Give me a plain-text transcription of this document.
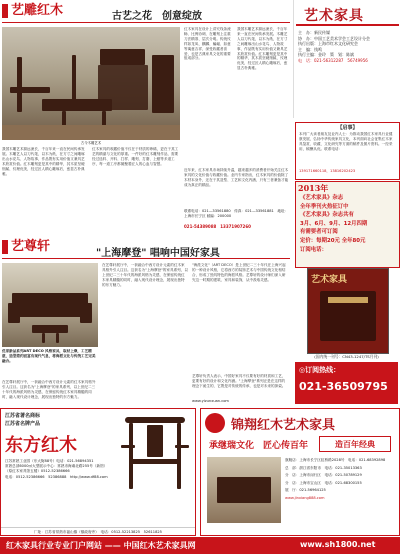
艺雕红木	古艺之花　创意绽放
古今木雕艺术
我国木雕艺术源远流长，千百年来一直在民间传承发展。木雕艺人以刀代笔，以木为纸，在方寸之间雕琢出山水花鸟、人物故事，作品既有实用价值又兼具艺术欣赏价值。红木雕刻更是其中的精华，其木质坚硬细腻、纹理优美，经过匠人精心雕琢后，愈显古朴典雅。
红木家具的收藏价值不仅在于材质的珍稀，更在于其工艺的精湛与文化的厚重。一件好的红木雕刻作品，需要经过选料、开料、打样、雕刻、打磨、上蜡等多道工序，每一道工序都凝聚着匠人的心血与智慧。
红木家具在设计上讲究线条流畅、比例协调，在雕刻上注重刀法精准、层次分明。传统纹样如龙凤、麒麟、蝙蝠、如意等寓意吉祥，深受收藏者喜爱，也是古典家具文化的重要组成部分。
我国木雕艺术源远流长，千百年来一直在民间传承发展。木雕艺人以刀代笔，以木为纸，在方寸之间雕琢出山水花鸟、人物故事，作品既有实用价值又兼具艺术欣赏价值。红木雕刻更是其中的精华，其木质坚硬细腻、纹理优美，经过匠人精心雕琢后，愈显古朴典雅。
艺术家具
主　办：新民传媒
协　办：中国工艺美术学会工艺设计分会
执行出版：上海市红木文化研究会
主　编：钱鸣
执行主编：金玲　策　划：陈斌
电　话：021-56312287　56749956
【启事】
本刊广大读者朋友及业内人士：为推动我国红木家具行业健康发展，弘扬中华传统家具文化，本刊面向社会征集红木家具鉴赏、收藏、文化研究等方面的稿件及图片资料。一经采用，稿酬从优。联系电话：
139171660118，13816202423
2013年
《艺术家具》杂志
全年季刊火热征订中
《艺术家具》杂志共有
3月、6月、9月、12月四期
有需要者可订阅
定价：每期20元 全年80元
订阅电话：
艺术家具
(国内统一刊号：CN43-1247/TS月刊)
◎订阅热线：
021-36509795
近年来，红木家具市场持续升温，越来越多的消费者开始关注红木家具的文化价值与收藏价值。业内专家指出，红木家具的价值除了木材本身外，还在于其造型、工艺和文化内涵，只有三者兼备才能成为真正的精品。
联系电话：021—33561880　传真：021—33561881　地址：上海市长宁区 邮编：200000
021-54389088　13371907260
艺尊轩	"上海摩登" 唱响中国好家具
优家新品系列ART DECO 风格家具，取材上乘，工艺精湛，造型简约而富有现代气息，将海派文化与传统工艺完美融合。
在艺尊轩展厅中，一套融合中西方设计元素的红木家具格外引人注目。这套名为"上海摩登"的家具系列，以上世纪二三十年代的海派风格为灵感，在保留传统红木家具精髓的同时，融入现代设计理念，展现出独特的东方魅力。
在艺尊轩展厅中，一套融合中西方设计元素的红木家具格外引人注目。这套名为"上海摩登"的家具系列，以上世纪二三十年代的海派风格为灵感，在保留传统红木家具精髓的同时，融入现代设计理念，展现出独特的东方魅力。
"海派文化"（ART DECO）是上世纪二三十年代在上海兴起的一种设计风格，它将西方的装饰艺术与中国传统文化相结合，形成了独具特色的海派风格。艺尊轩的设计师们深入研究这一时期的建筑、家具和装饰，从中汲取灵感。
艺尊轩负责人表示，中国好家具不仅要有好的材质和工艺，更要有好的设计和文化内涵。"上海摩登"系列正是在这样的理念下诞生的，它既是对传统的传承，也是对未来的探索。
www.yizunxuan.com
江苏省著名商标
江苏省名牌产品
东方红木
江苏常熟工业园（东大街88号）电话：021-56894351
常熟总部6000㎡大型展示中心：常熟市海虞北路255号（新馆）
（原红木家具馆五楼）0512-52386666
电话：0512-52386666　52386888　http://www.df88.com
厂址：江苏省常熟市福山镇（镇政府旁）　电话：0512-52213825　52611825
锦翔红木艺术家具
承继瑞文化　匠心传百年	造百年经典
旗舰店：上海市长宁区虹桥路2028号　电话：021-68392898
总　部：浙江省东阳市　电话：021-35013363
分　店：上海市闵行区　电话：021-50789129
分　店：上海市宝山区　电话：021-68300155
展　厅：021-56964125
www.jinxiang888.com
红木家具行业专业门户网站 —— 中国红木艺术家具网	www.sh1800.net
